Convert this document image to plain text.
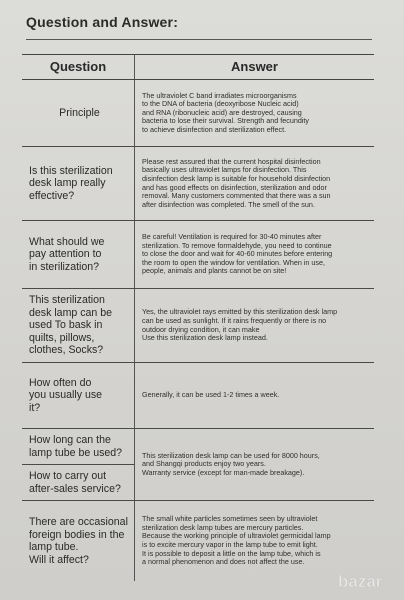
Question and Answer:
Question	Answer
Principle
The ultraviolet C band irradiates microorganisms
to the DNA of bacteria (deoxyribose Nucleic acid)
and RNA (ribonucleic acid) are destroyed, causing
bacteria to lose their survival. Strength and fecundity
to achieve disinfection and sterilization effect.
Is this sterilization
desk lamp really
effective?
Please rest assured that the current hospital disinfection
basically uses ultraviolet lamps for disinfection. This
disinfection desk lamp is suitable for household disinfection
and has good effects on disinfection, sterilization and odor
removal. Many customers commented that there was a sun
after disinfection was completed. The smell of the sun.
What should we
pay attention to
in sterilization?
Be careful! Ventilation is required for 30-40 minutes after
sterilization. To remove formaldehyde, you need to continue
to close the door and wait for 40-60 minutes before entering
the room to open the window for ventilation. When in use,
people, animals and plants cannot be on site!
This sterilization
desk lamp can be
used To bask in
quilts, pillows,
clothes, Socks?
Yes, the ultraviolet rays emitted by this sterilization desk lamp
can be used as sunlight. If it rains frequently or there is no
outdoor drying condition, it can make
Use this sterilization desk lamp instead.
How often do
you usually use
it?
Generally, it can be used 1-2 times a week.
How long can the
lamp tube be used?
How to carry out
after-sales service?
This sterilization desk lamp can be used for 8000 hours,
and Shangqi products enjoy two years.
Warranty service (except for man-made breakage).
There are occasional
foreign bodies in the
lamp tube.
Will it affect?
The small white particles sometimes seen by ultraviolet
sterilization desk lamp tubes are mercury particles.
Because the working principle of ultraviolet germicidal lamp
is to excite mercury vapor in the lamp tube to emit light.
It is possible to deposit a little on the lamp tube, which is
a normal phenomenon and does not affect the use.
bazar
